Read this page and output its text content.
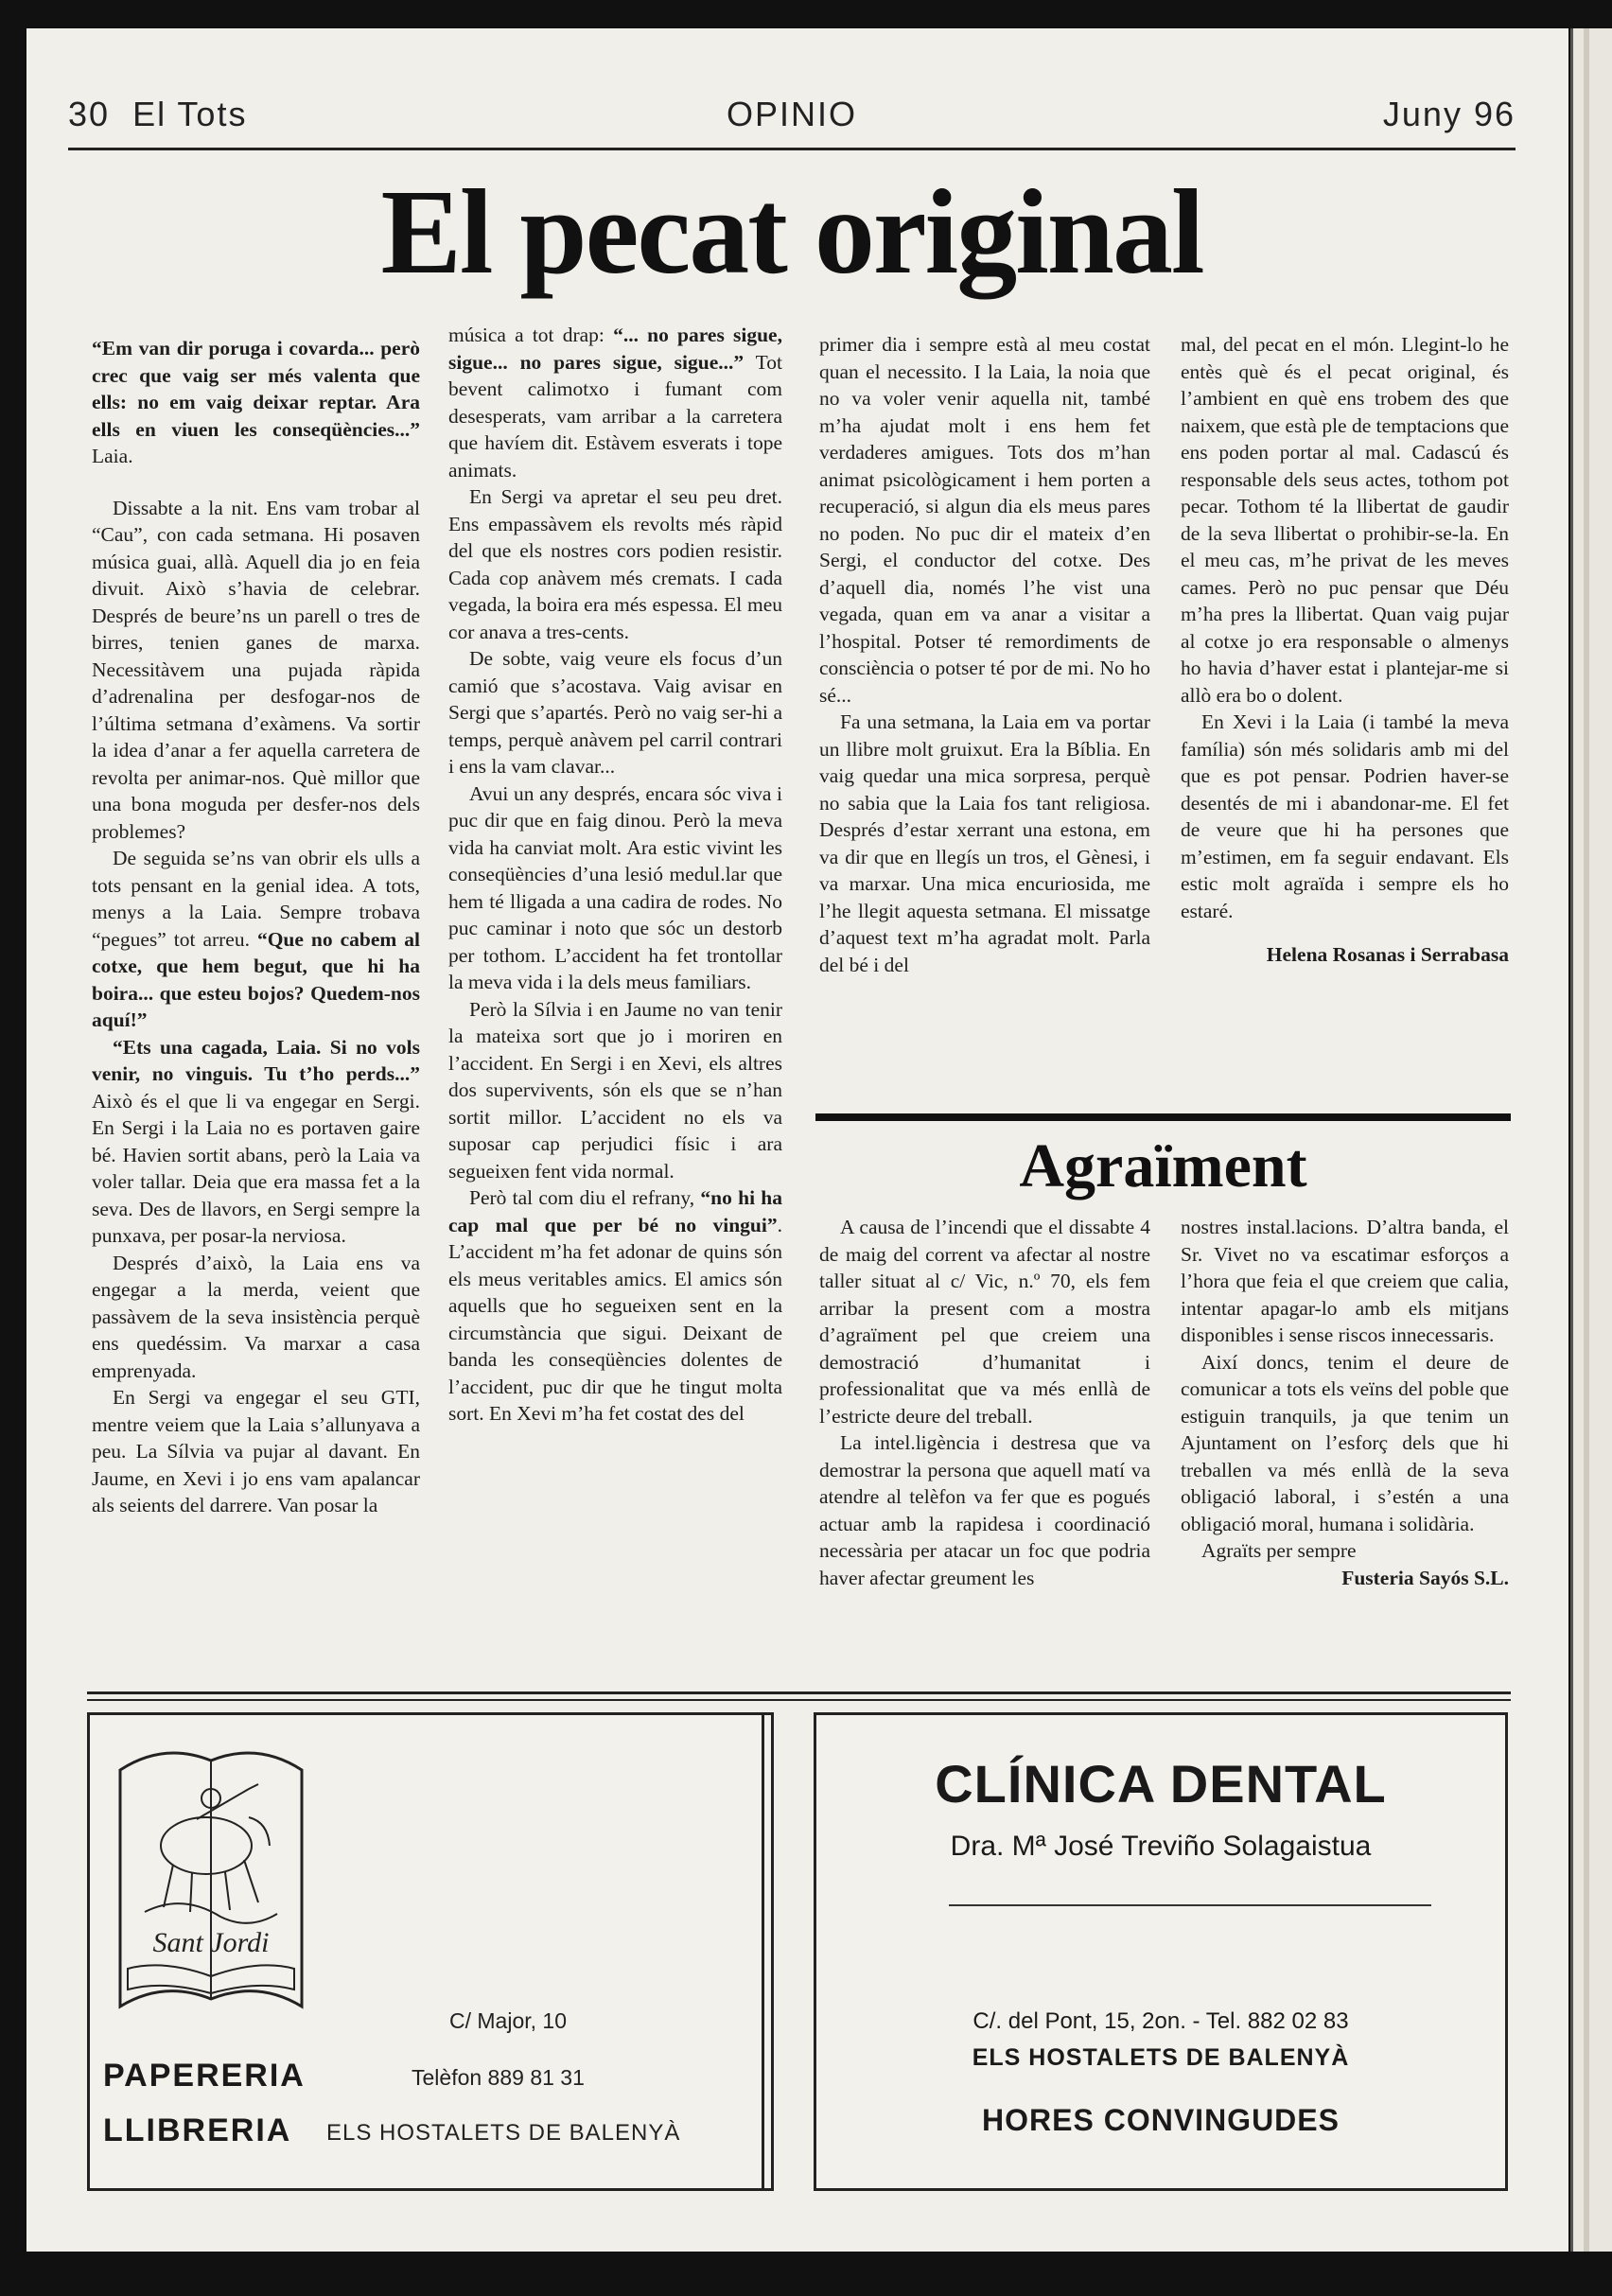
30 El Tots	OPINIO	Juny 96
El pecat original

“Em van dir poruga i covarda... però crec que vaig ser més valenta que ells: no em vaig deixar reptar. Ara ells en viuen les conseqüències...” Laia.

Dissabte a la nit. Ens vam trobar al “Cau”, con cada setmana. Hi posaven música guai, allà. Aquell dia jo en feia divuit. Això s’havia de celebrar. Després de beure’ns un parell o tres de birres, tenien ganes de marxa. Necessitàvem una pujada ràpida d’adrenalina per desfogar-nos de l’última setmana d’exàmens. Va sortir la idea d’anar a fer aquella carretera de revolta per animar-nos. Què millor que una bona moguda per desfer-nos dels problemes?

De seguida se’ns van obrir els ulls a tots pensant en la genial idea. A tots, menys a la Laia. Sempre trobava “pegues” tot arreu. “Que no cabem al cotxe, que hem begut, que hi ha boira... que esteu bojos? Quedem-nos aquí!”

“Ets una cagada, Laia. Si no vols venir, no vinguis. Tu t’ho perds...” Això és el que li va engegar en Sergi. En Sergi i la Laia no es portaven gaire bé. Havien sortit abans, però la Laia va voler tallar. Deia que era massa fet a la seva. Des de llavors, en Sergi sempre la punxava, per posar-la nerviosa.

Després d’això, la Laia ens va engegar a la merda, veient que passàvem de la seva insistència perquè ens quedéssim. Va marxar a casa emprenyada.

En Sergi va engegar el seu GTI, mentre veiem que la Laia s’allunyava a peu. La Sílvia va pujar al davant. En Jaume, en Xevi i jo ens vam apalancar als seients del darrere. Van posar la

música a tot drap: “... no pares sigue, sigue... no pares sigue, sigue...” Tot bevent calimotxo i fumant com desesperats, vam arribar a la carretera que havíem dit. Estàvem esverats i tope animats.

En Sergi va apretar el seu peu dret. Ens empassàvem els revolts més ràpid del que els nostres cors podien resistir. Cada cop anàvem més cremats. I cada vegada, la boira era més espessa. El meu cor anava a tres-cents.

De sobte, vaig veure els focus d’un camió que s’acostava. Vaig avisar en Sergi que s’apartés. Però no vaig ser-hi a temps, perquè anàvem pel carril contrari i ens la vam clavar...

Avui un any després, encara sóc viva i puc dir que en faig dinou. Però la meva vida ha canviat molt. Ara estic vivint les conseqüències d’una lesió medul.lar que hem té lligada a una cadira de rodes. No puc caminar i noto que sóc un destorb per tothom. L’accident ha fet trontollar la meva vida i la dels meus familiars.

Però la Sílvia i en Jaume no van tenir la mateixa sort que jo i moriren en l’accident. En Sergi i en Xevi, els altres dos supervivents, són els que se n’han sortit millor. L’accident no els va suposar cap perjudici físic i ara segueixen fent vida normal.

Però tal com diu el refrany, “no hi ha cap mal que per bé no vingui”. L’accident m’ha fet adonar de quins són els meus veritables amics. El amics són aquells que ho segueixen sent en la circumstància que sigui. Deixant de banda les conseqüències dolentes de l’accident, puc dir que he tingut molta sort. En Xevi m’ha fet costat des del

primer dia i sempre està al meu costat quan el necessito. I la Laia, la noia que no va voler venir aquella nit, també m’ha ajudat molt i ens hem fet verdaderes amigues. Tots dos m’han animat psicològicament i hem porten a recuperació, si algun dia els meus pares no poden. No puc dir el mateix d’en Sergi, el conductor del cotxe. Des d’aquell dia, només l’he vist una vegada, quan em va anar a visitar a l’hospital. Potser té remordiments de consciència o potser té por de mi. No ho sé...

Fa una setmana, la Laia em va portar un llibre molt gruixut. Era la Bíblia. En vaig quedar una mica sorpresa, perquè no sabia que la Laia fos tant religiosa. Després d’estar xerrant una estona, em va dir que en llegís un tros, el Gènesi, i va marxar. Una mica encuriosida, me l’he llegit aquesta setmana. El missatge d’aquest text m’ha agradat molt. Parla del bé i del

mal, del pecat en el món. Llegint-lo he entès què és el pecat original, és l’ambient en què ens trobem des que naixem, que està ple de temptacions que ens poden portar al mal. Cadascú és responsable dels seus actes, tothom pot pecar. Tothom té la llibertat de gaudir de la seva llibertat o prohibir-se-la. En el meu cas, m’he privat de les meves cames. Però no puc pensar que Déu m’ha pres la llibertat. Quan vaig pujar al cotxe jo era responsable o almenys ho havia d’haver estat i plantejar-me si allò era bo o dolent.

En Xevi i la Laia (i també la meva família) són més solidaris amb mi del que es pot pensar. Podrien haver-se desentés de mi i abandonar-me. El fet de veure que hi ha persones que m’estimen, em fa seguir endavant. Els estic molt agraïda i sempre els ho estaré.

Helena Rosanas i Serrabasa

Agraïment

A causa de l’incendi que el dissabte 4 de maig del corrent va afectar al nostre taller situat al c/ Vic, n.º 70, els fem arribar la present com a mostra d’agraïment pel que creiem una demostració d’humanitat i professionalitat que va més enllà de l’estricte deure del treball.

La intel.ligència i destresa que va demostrar la persona que aquell matí va atendre al telèfon va fer que es pogués actuar amb la rapidesa i coordinació necessària per atacar un foc que podria haver afectar greument les

nostres instal.lacions. D’altra banda, el Sr. Vivet no va escatimar esforços a l’hora que feia el que creiem que calia, intentar apagar-lo amb els mitjans disponibles i sense riscos innecessaris.

Així doncs, tenim el deure de comunicar a tots els veïns del poble que estiguin tranquils, ja que tenim un Ajuntament on l’esforç dels que hi treballen va més enllà de la seva obligació laboral, i s’estén a una obligació moral, humana i solidària.

Agraïts per sempre

Fusteria Sayós S.L.

Sant Jordi
C/ Major, 10
Telèfon 889 81 31
PAPERERIA
LLIBRERIA ELS HOSTALETS DE BALENYÀ
CLÍNICA DENTAL
Dra. Mª José Treviño Solagaistua
C/. del Pont, 15, 2on. - Tel. 882 02 83
ELS HOSTALETS DE BALENYÀ
HORES CONVINGUDES
